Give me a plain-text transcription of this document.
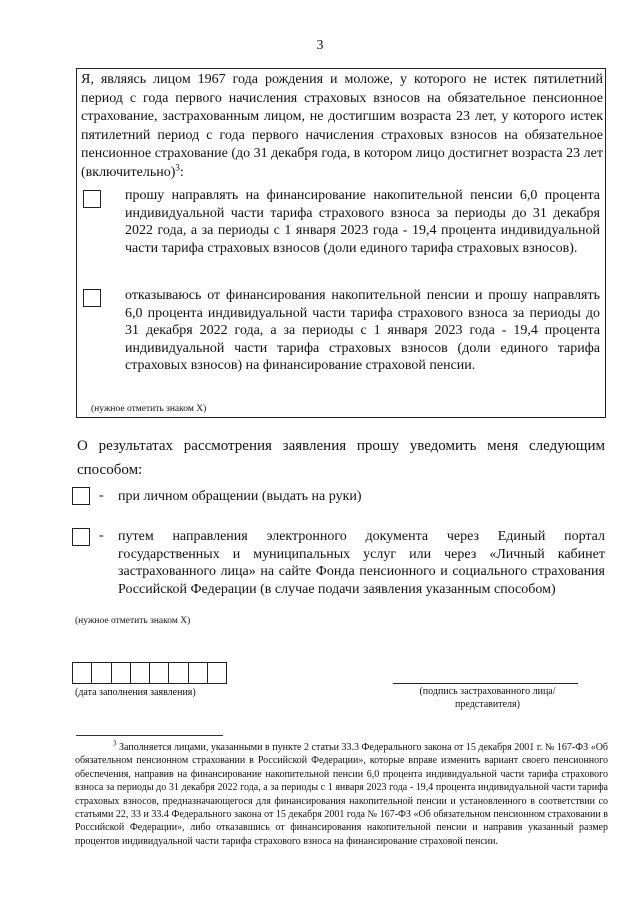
3
Я, являясь лицом 1967 года рождения и моложе, у которого не истек пятилетний период с года первого начисления страховых взносов на обязательное пенсионное страхование, застрахованным лицом, не достигшим возраста 23 лет, у которого истек пятилетний период с года первого начисления страховых взносов на обязательное пенсионное страхование (до 31 декабря года, в котором лицо достигнет возраста 23 лет (включительно)$^3$:
прошу направлять на финансирование накопительной пенсии 6,0 процента индивидуальной части тарифа страхового взноса за периоды до 31 декабря 2022 года, а за периоды с 1 января 2023 года - 19,4 процента индивидуальной части тарифа страховых взносов (доли единого тарифа страховых взносов).
отказываюсь от финансирования накопительной пенсии и прошу направлять 6,0 процента индивидуальной части тарифа страхового взноса за периоды до 31 декабря 2022 года, а за периоды с 1 января 2023 года - 19,4 процента индивидуальной части тарифа страховых взносов (доли единого тарифа страховых взносов) на финансирование страховой пенсии.
(нужное отметить знаком Х)
О результатах рассмотрения заявления прошу уведомить меня следующим
способом:
- при личном обращении (выдать на руки)
- путем направления электронного документа через Единый портал государственных и муниципальных услуг или через «Личный кабинет застрахованного лица» на сайте Фонда пенсионного и социального страхования Российской Федерации (в случае подачи заявления указанным способом)
(нужное отметить знаком Х)
(дата заполнения заявления)	(подпись застрахованного лица/
представителя)
$^3$ Заполняется лицами, указанными в пункте 2 статьи 33.3 Федерального закона от 15 декабря 2001 г. № 167-ФЗ «Об обязательном пенсионном страховании в Российской Федерации», которые вправе изменить вариант своего пенсионного обеспечения, направив на финансирование накопительной пенсии 6,0 процента индивидуальной части тарифа страхового взноса за периоды до 31 декабря 2022 года, а за периоды с 1 января 2023 года - 19,4 процента индивидуальной части тарифа страховых взносов, предназначающегося для финансирования накопительной пенсии и установленного в соответствии со статьями 22, 33 и 33.4 Федерального закона от 15 декабря 2001 года № 167-ФЗ «Об обязательном пенсионном страховании в Российской Федерации», либо отказавшись от финансирования накопительной пенсии и направив указанный размер процентов индивидуальной части тарифа страхового взноса на финансирование страховой пенсии.
